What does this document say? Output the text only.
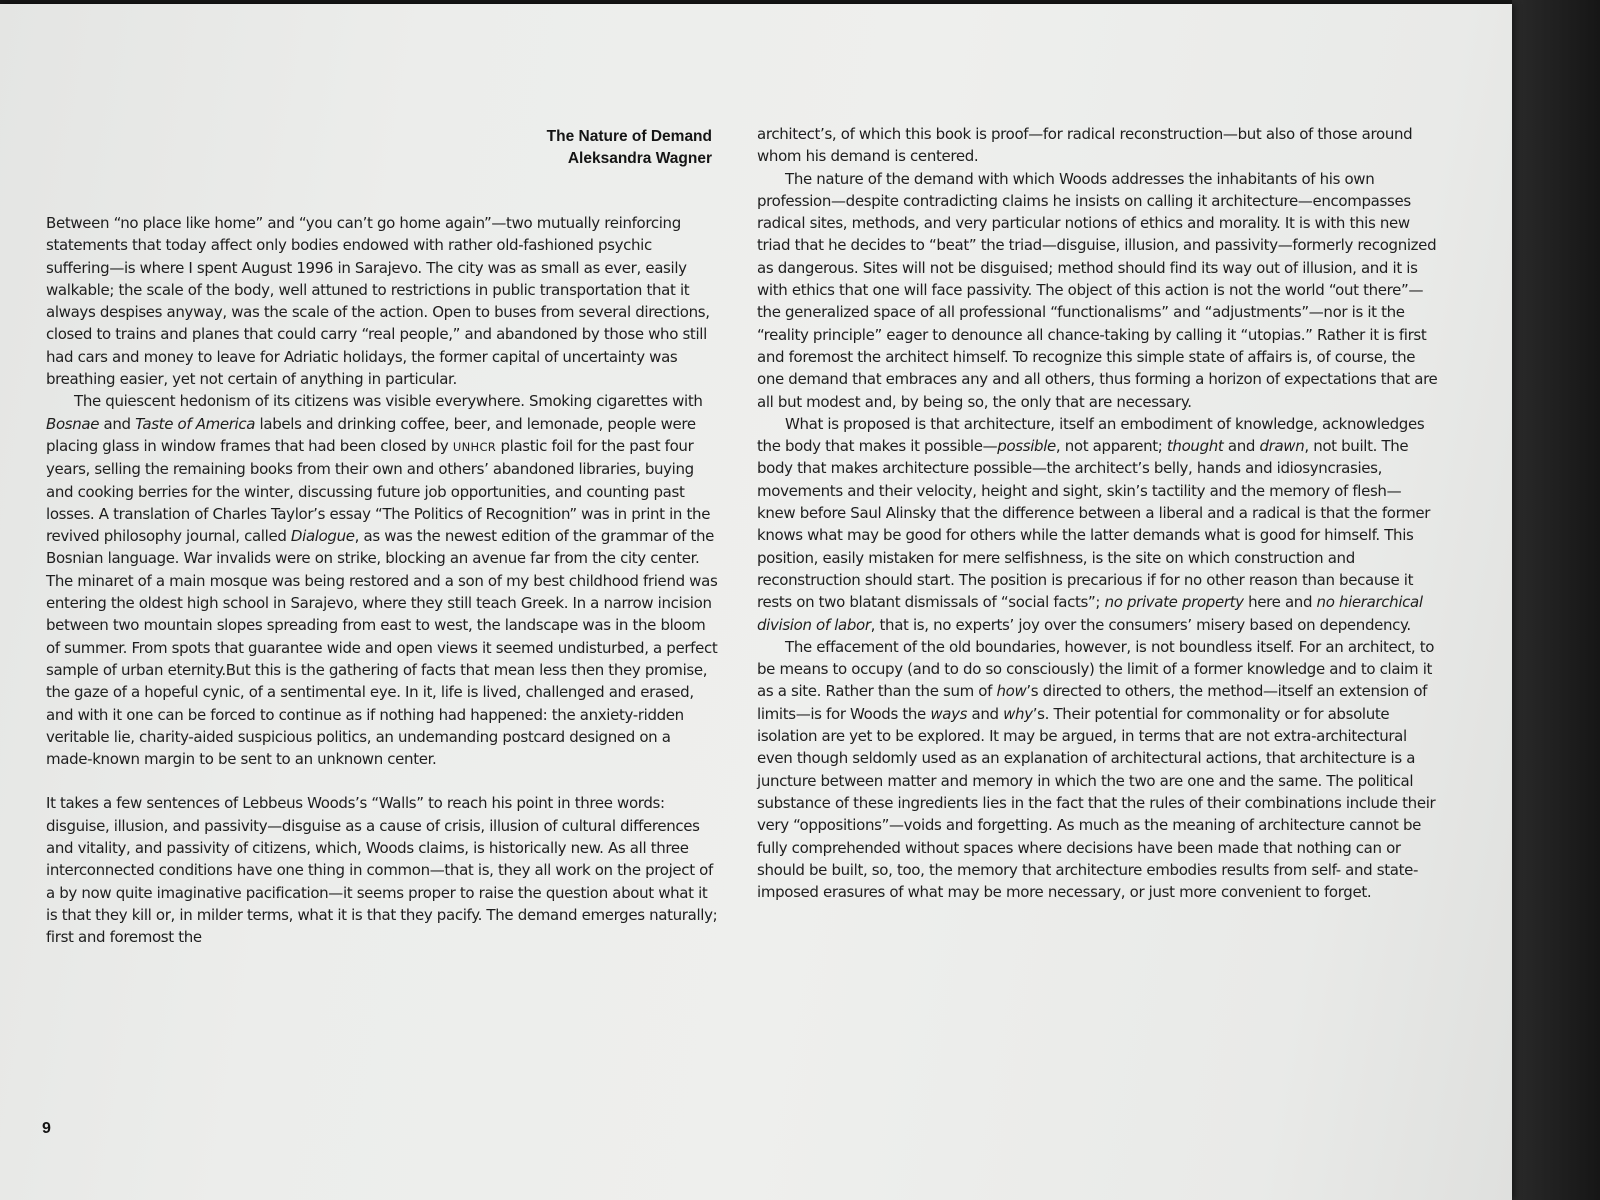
The Nature of Demand
Aleksandra Wagner

Between “no place like home” and “you can’t go home again”—two mutually reinforcing statements that today affect only bodies endowed with rather old-fashioned psychic suffering—is where I spent August 1996 in Sarajevo. The city was as small as ever, easily walkable; the scale of the body, well attuned to restrictions in public transportation that it always despises anyway, was the scale of the action. Open to buses from several directions, closed to trains and planes that could carry “real people,” and abandoned by those who still had cars and money to leave for Adriatic holidays, the former capital of uncertainty was breathing easier, yet not certain of anything in particular.

The quiescent hedonism of its citizens was visible everywhere. Smoking cigarettes with Bosnae and Taste of America labels and drinking coffee, beer, and lemonade, people were placing glass in window frames that had been closed by UNHCR plastic foil for the past four years, selling the remaining books from their own and others’ abandoned libraries, buying and cooking berries for the winter, discussing future job opportunities, and counting past losses. A translation of Charles Taylor’s essay “The Politics of Recognition” was in print in the revived philosophy journal, called Dialogue, as was the newest edition of the grammar of the Bosnian language. War invalids were on strike, blocking an avenue far from the city center. The minaret of a main mosque was being restored and a son of my best childhood friend was entering the oldest high school in Sarajevo, where they still teach Greek. In a narrow incision between two mountain slopes spreading from east to west, the landscape was in the bloom of summer. From spots that guarantee wide and open views it seemed undisturbed, a perfect sample of urban eternity.But this is the gathering of facts that mean less then they promise, the gaze of a hopeful cynic, of a sentimental eye. In it, life is lived, challenged and erased, and with it one can be forced to continue as if nothing had happened: the anxiety-ridden veritable lie, charity-aided suspicious politics, an undemanding postcard designed on a made-known margin to be sent to an unknown center.

It takes a few sentences of Lebbeus Woods’s “Walls” to reach his point in three words: disguise, illusion, and passivity—disguise as a cause of crisis, illusion of cultural differences and vitality, and passivity of citizens, which, Woods claims, is historically new. As all three interconnected conditions have one thing in common—that is, they all work on the project of a by now quite imaginative pacification—it seems proper to raise the question about what it is that they kill or, in milder terms, what it is that they pacify. The demand emerges naturally; first and foremost the

architect’s, of which this book is proof—for radical reconstruction—but also of those around whom his demand is centered.

The nature of the demand with which Woods addresses the inhabitants of his own profession—despite contradicting claims he insists on calling it architecture—encompasses radical sites, methods, and very particular notions of ethics and morality. It is with this new triad that he decides to “beat” the triad—disguise, illusion, and passivity—formerly recognized as dangerous. Sites will not be disguised; method should find its way out of illusion, and it is with ethics that one will face passivity. The object of this action is not the world “out there”—the generalized space of all professional “functionalisms” and “adjustments”—nor is it the “reality principle” eager to denounce all chance-taking by calling it “utopias.” Rather it is first and foremost the architect himself. To recognize this simple state of affairs is, of course, the one demand that embraces any and all others, thus forming a horizon of expectations that are all but modest and, by being so, the only that are necessary.

What is proposed is that architecture, itself an embodiment of knowledge, acknowledges the body that makes it possible—possible, not apparent; thought and drawn, not built. The body that makes architecture possible—the architect’s belly, hands and idiosyncrasies, movements and their velocity, height and sight, skin’s tactility and the memory of flesh—knew before Saul Alinsky that the difference between a liberal and a radical is that the former knows what may be good for others while the latter demands what is good for himself. This position, easily mistaken for mere selfishness, is the site on which construction and reconstruction should start. The position is precarious if for no other reason than because it rests on two blatant dismissals of “social facts”; no private property here and no hierarchical division of labor, that is, no experts’ joy over the consumers’ misery based on dependency.

The effacement of the old boundaries, however, is not boundless itself. For an architect, to be means to occupy (and to do so consciously) the limit of a former knowledge and to claim it as a site. Rather than the sum of how’s directed to others, the method—itself an extension of limits—is for Woods the ways and why’s. Their potential for commonality or for absolute isolation are yet to be explored. It may be argued, in terms that are not extra-architectural even though seldomly used as an explanation of architectural actions, that architecture is a juncture between matter and memory in which the two are one and the same. The political substance of these ingredients lies in the fact that the rules of their combinations include their very “oppositions”—voids and forgetting. As much as the meaning of architecture cannot be fully comprehended without spaces where decisions have been made that nothing can or should be built, so, too, the memory that architecture embodies results from self- and state-imposed erasures of what may be more necessary, or just more convenient to forget.

9
